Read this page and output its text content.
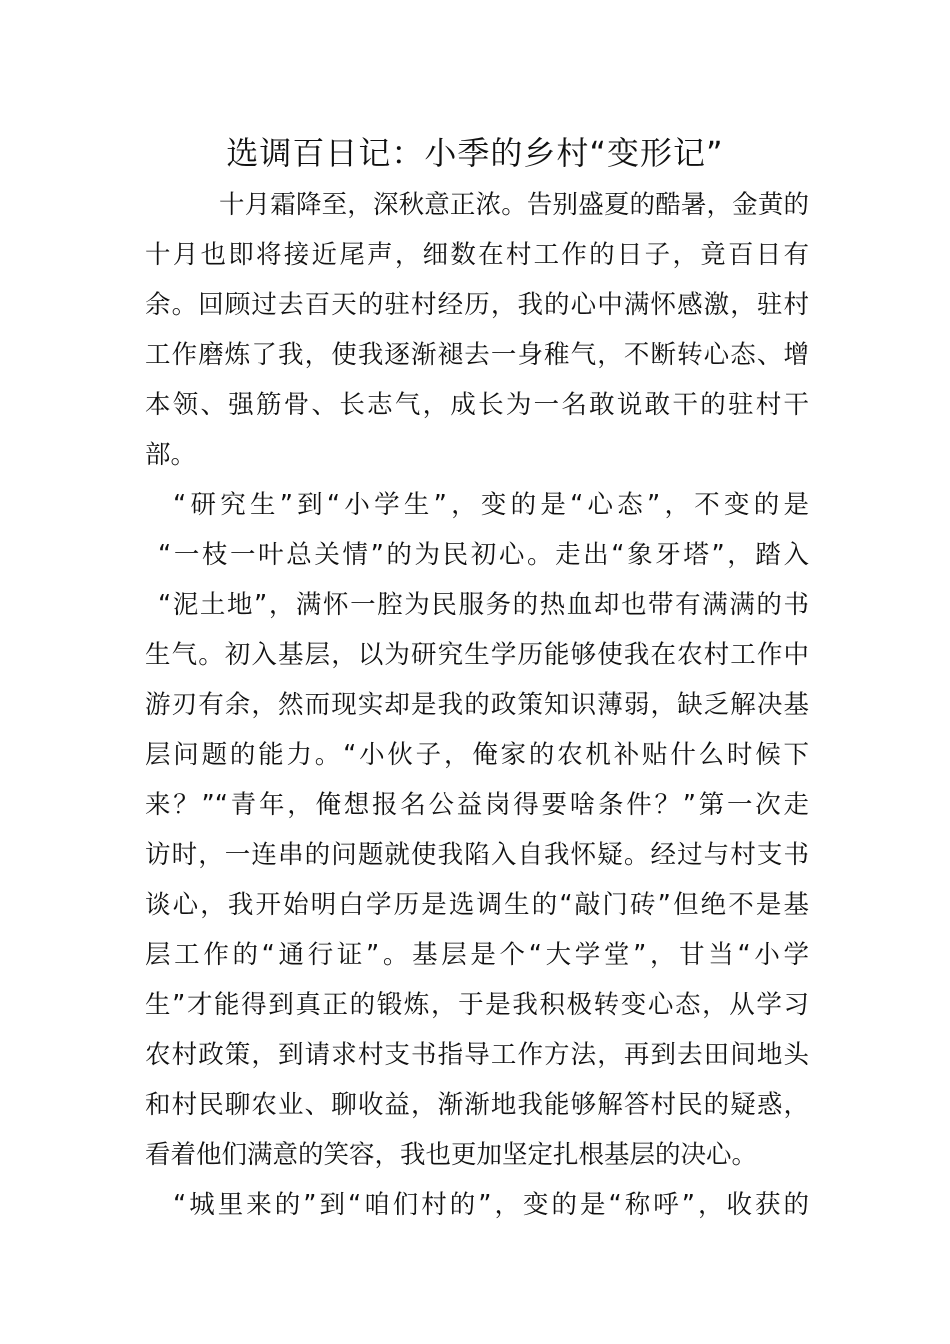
选调百日记：小季的乡村“变形记”
十月霜降至，深秋意正浓。告别盛夏的酷暑，金黄的
十月也即将接近尾声，细数在村工作的日子，竟百日有
余。回顾过去百天的驻村经历，我的心中满怀感激，驻村
工作磨炼了我，使我逐渐褪去一身稚气，不断转心态、增
本领、强筋骨、长志气，成长为一名敢说敢干的驻村干
部。
“研究生”到“小学生”，变的是“心态”，不变的是
“一枝一叶总关情”的为民初心。走出“象牙塔”，踏入
“泥土地”，满怀一腔为民服务的热血却也带有满满的书
生气。初入基层，以为研究生学历能够使我在农村工作中
游刃有余，然而现实却是我的政策知识薄弱，缺乏解决基
层问题的能力。“小伙子，俺家的农机补贴什么时候下
来？”“青年，俺想报名公益岗得要啥条件？”第一次走
访时，一连串的问题就使我陷入自我怀疑。经过与村支书
谈心，我开始明白学历是选调生的“敲门砖”但绝不是基
层工作的“通行证”。基层是个“大学堂”，甘当“小学
生”才能得到真正的锻炼，于是我积极转变心态，从学习
农村政策，到请求村支书指导工作方法，再到去田间地头
和村民聊农业、聊收益，渐渐地我能够解答村民的疑惑，
看着他们满意的笑容，我也更加坚定扎根基层的决心。
“城里来的”到“咱们村的”，变的是“称呼”，收获的
